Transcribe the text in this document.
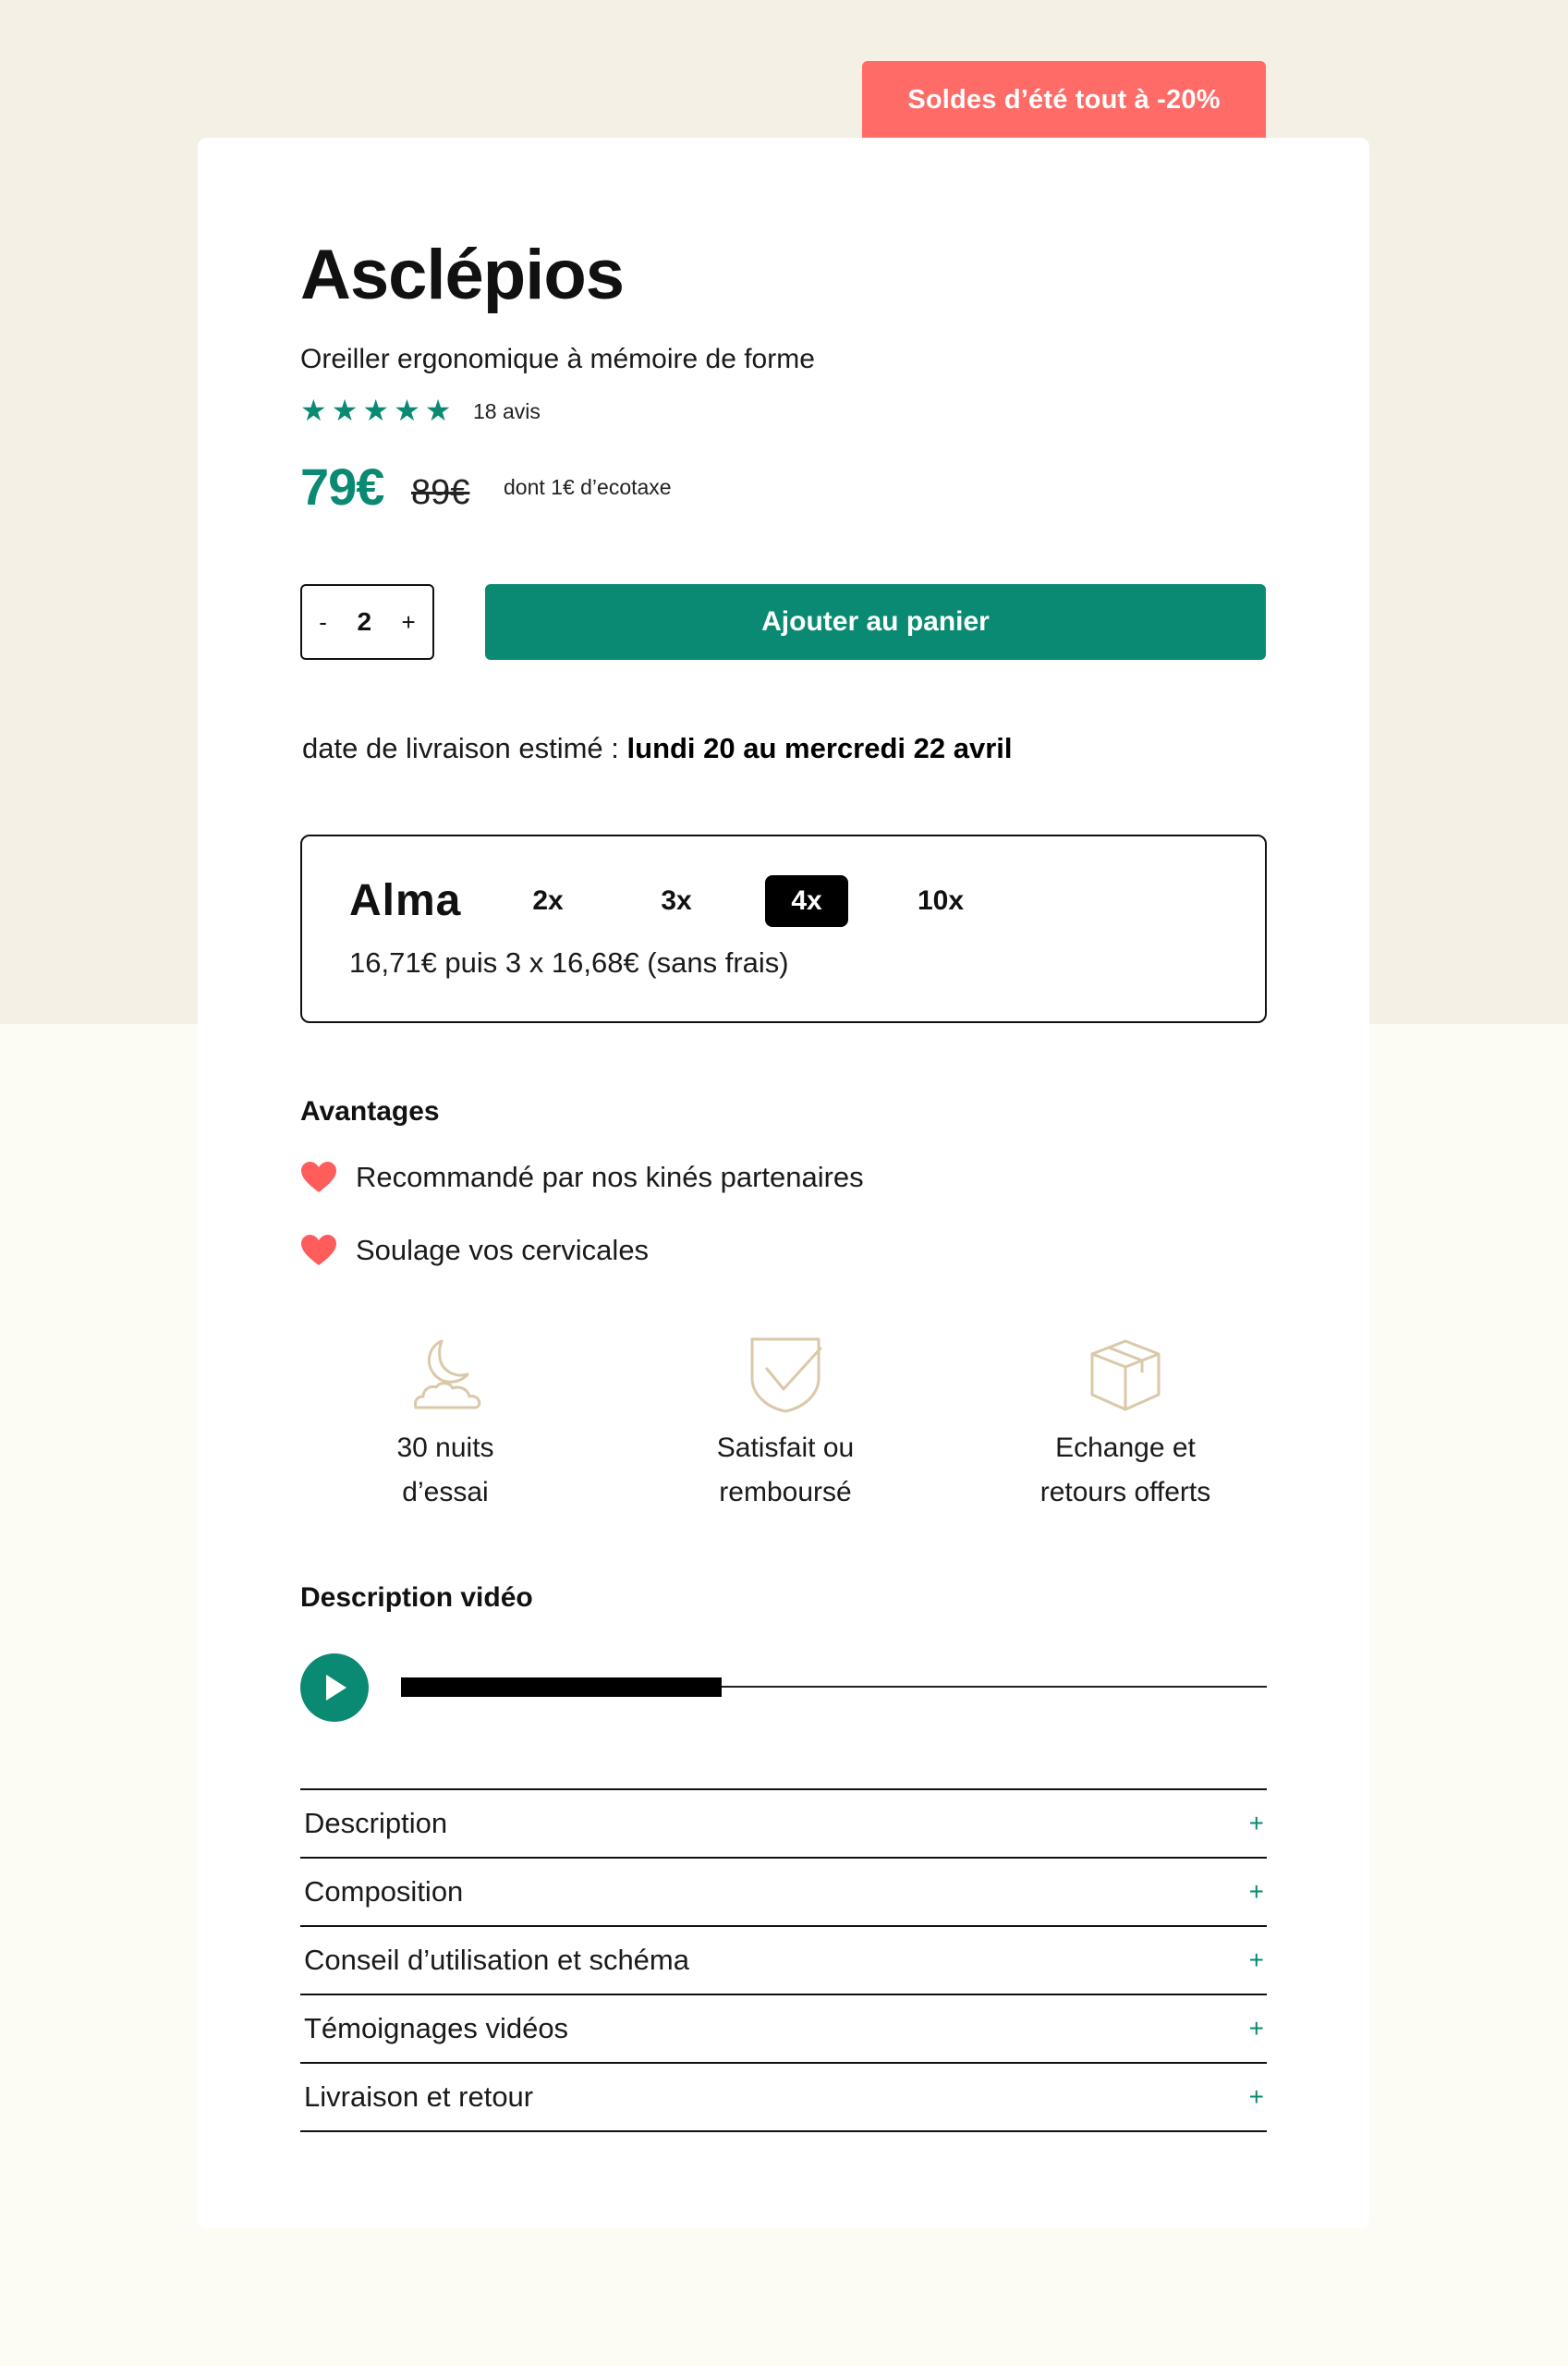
Soldes d’été tout à -20%
Asclépios
Oreiller ergonomique à mémoire de forme
★ ★ ★ ★ ★ 18 avis
79€ 89€ dont 1€ d’ecotaxe
- 2 +	Ajouter au panier
date de livraison estimé : lundi 20 au mercredi 22 avril
Alma	2x	3x	4x	10x
16,71€ puis 3 x 16,68€ (sans frais)
Avantages
Recommandé par nos kinés partenaires
Soulage vos cervicales
30 nuits
d’essai
Satisfait ou
remboursé
Echange et
retours offerts
Description vidéo
Description	+
Composition	+
Conseil d’utilisation et schéma	+
Témoignages vidéos	+
Livraison et retour	+
